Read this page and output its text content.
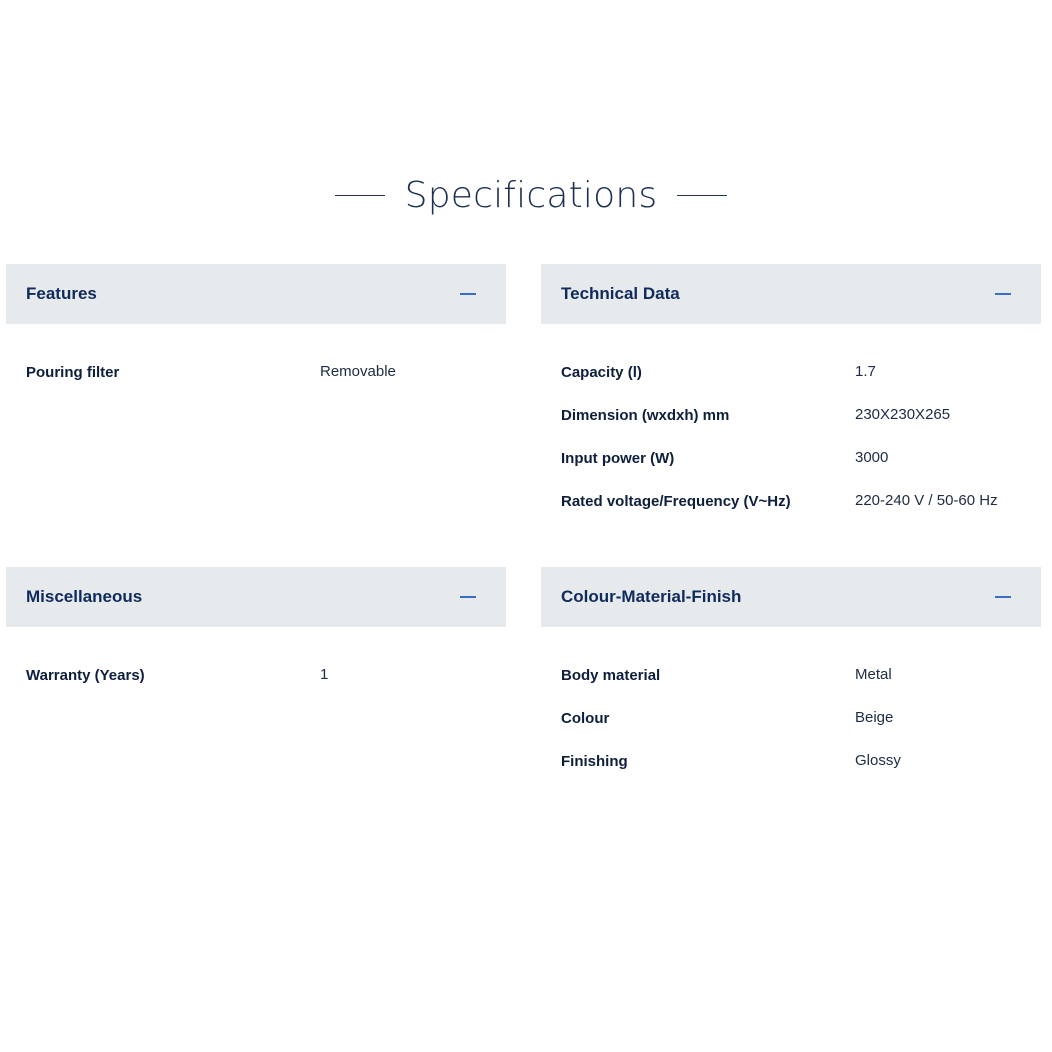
Specifications
Features
Pouring filter	Removable
Technical Data
Capacity (l)	1.7
Dimension (wxdxh) mm	230X230X265
Input power (W)	3000
Rated voltage/Frequency (V~Hz)	220-240 V / 50-60 Hz
Miscellaneous
Warranty (Years)	1
Colour-Material-Finish
Body material	Metal
Colour	Beige
Finishing	Glossy
